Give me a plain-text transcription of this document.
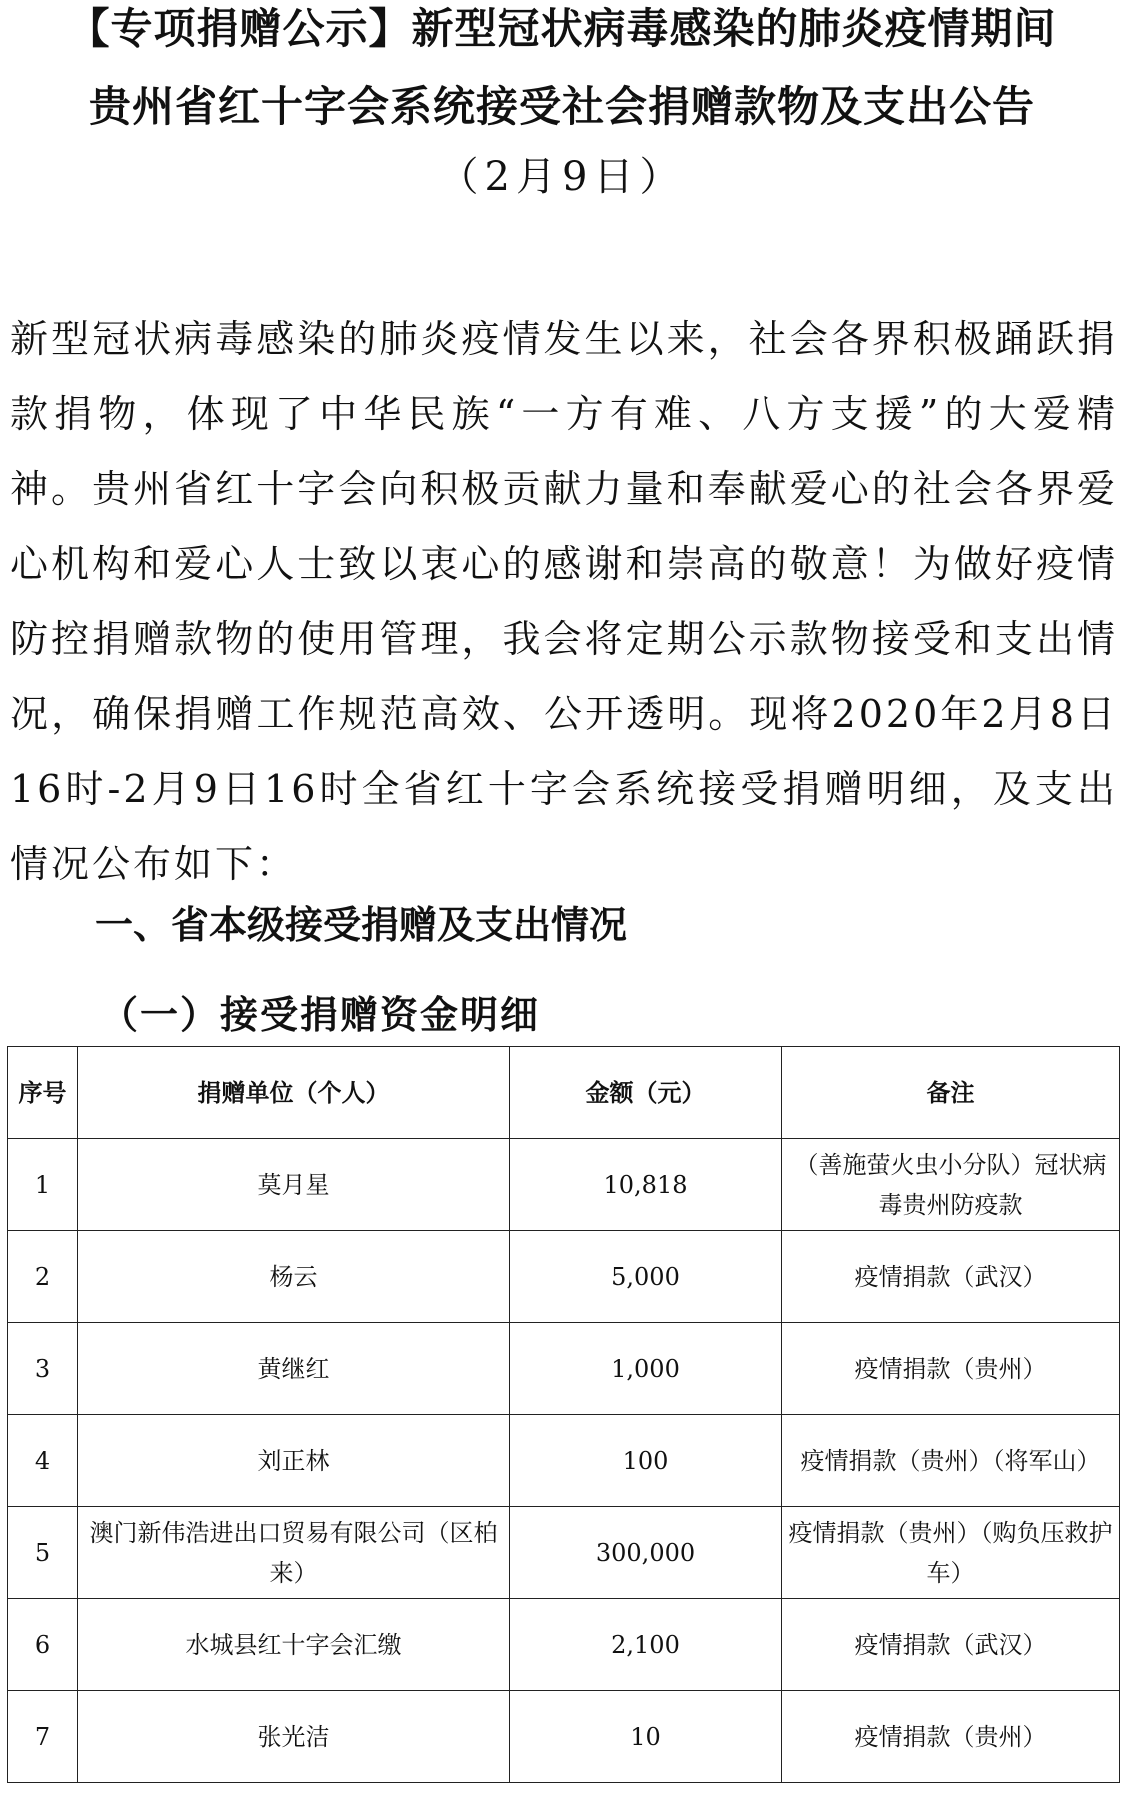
【专项捐赠公示】新型冠状病毒感染的肺炎疫情期间
贵州省红十字会系统接受社会捐赠款物及支出公告

（2月9日）

新型冠状病毒感染的肺炎疫情发生以来，社会各界积极踊跃捐款捐物，体现了中华民族“一方有难、八方支援”的大爱精神。贵州省红十字会向积极贡献力量和奉献爱心的社会各界爱心机构和爱心人士致以衷心的感谢和崇高的敬意！为做好疫情防控捐赠款物的使用管理，我会将定期公示款物接受和支出情况，确保捐赠工作规范高效、公开透明。现将2020年2月8日16时-2月9日16时全省红十字会系统接受捐赠明细，及支出情况公布如下：

一、省本级接受捐赠及支出情况
（一）接受捐赠资金明细
序号	捐赠单位（个人）	金额（元）	备注
1	莫月星	10,818	（善施萤火虫小分队）冠状病毒贵州防疫款
2	杨云	5,000	疫情捐款（武汉）
3	黄继红	1,000	疫情捐款（贵州）
4	刘正林	100	疫情捐款（贵州）（将军山）
5	澳门新伟浩进出口贸易有限公司（区柏来）	300,000	疫情捐款（贵州）（购负压救护车）
6	水城县红十字会汇缴	2,100	疫情捐款（武汉）
7	张光洁	10	疫情捐款（贵州）
